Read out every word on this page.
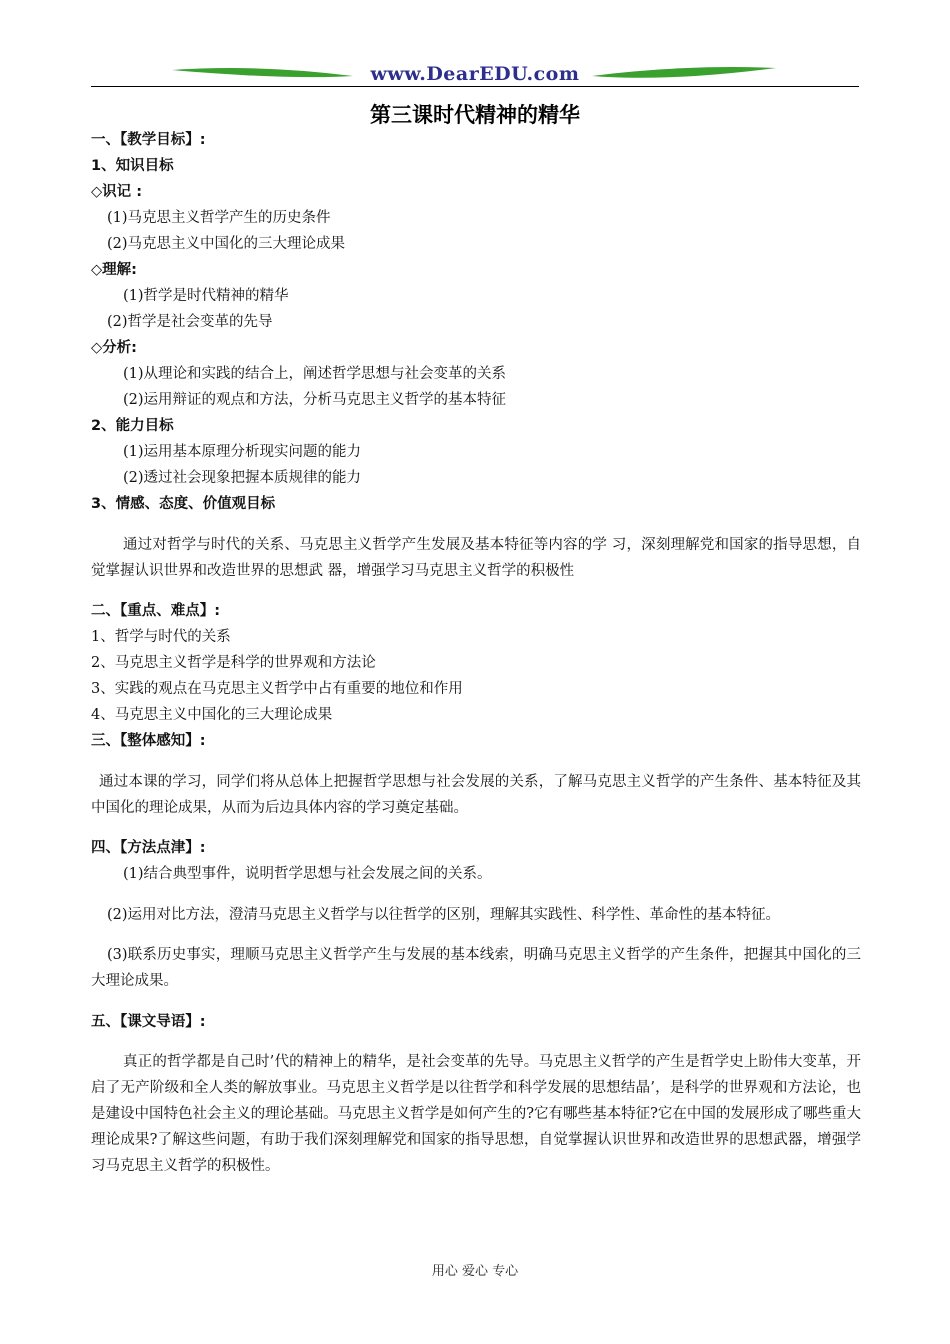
www.DearEDU.com
第三课时代精神的精华

一、【教学目标】:

1、知识目标

◇识记 :

(1)马克思主义哲学产生的历史条件

(2)马克思主义中国化的三大理论成果

◇理解:

(1)哲学是时代精神的精华

(2)哲学是社会变革的先导

◇分析:

(1)从理论和实践的结合上，阐述哲学思想与社会变革的关系

(2)运用辩证的观点和方法，分析马克思主义哲学的基本特征

2、能力目标

(1)运用基本原理分析现实问题的能力

(2)透过社会现象把握本质规律的能力

3、情感、态度、价值观目标

通过对哲学与时代的关系、马克思主义哲学产生发展及基本特征等内容的学 习，深刻理解党和国家的指导思想，自觉掌握认识世界和改造世界的思想武 器，增强学习马克思主义哲学的积极性

二、【重点、难点】:

1、哲学与时代的关系

2、马克思主义哲学是科学的世界观和方法论

3、实践的观点在马克思主义哲学中占有重要的地位和作用

4、马克思主义中国化的三大理论成果

三、【整体感知】:

通过本课的学习，同学们将从总体上把握哲学思想与社会发展的关系，了解马克思主义哲学的产生条件、基本特征及其中国化的理论成果，从而为后边具体内容的学习奠定基础。

四、【方法点津】:

(1)结合典型事件，说明哲学思想与社会发展之间的关系。

(2)运用对比方法，澄清马克思主义哲学与以往哲学的区别，理解其实践性、科学性、革命性的基本特征。

(3)联系历史事实，理顺马克思主义哲学产生与发展的基本线索，明确马克思主义哲学的产生条件，把握其中国化的三大理论成果。

五、【课文导语】:

真正的哲学都是自己时’代的精神上的精华，是社会变革的先导。马克思主义哲学的产生是哲学史上盼伟大变革，开启了无产阶级和全人类的解放事业。马克思主义哲学是以往哲学和科学发展的思想结晶’，是科学的世界观和方法论，也是建设中国特色社会主义的理论基础。马克思主义哲学是如何产生的?它有哪些基本特征?它在中国的发展形成了哪些重大理论成果?了解这些问题，有助于我们深刻理解党和国家的指导思想，自觉掌握认识世界和改造世界的思想武器，增强学习马克思主义哲学的积极性。

用心 爱心 专心
